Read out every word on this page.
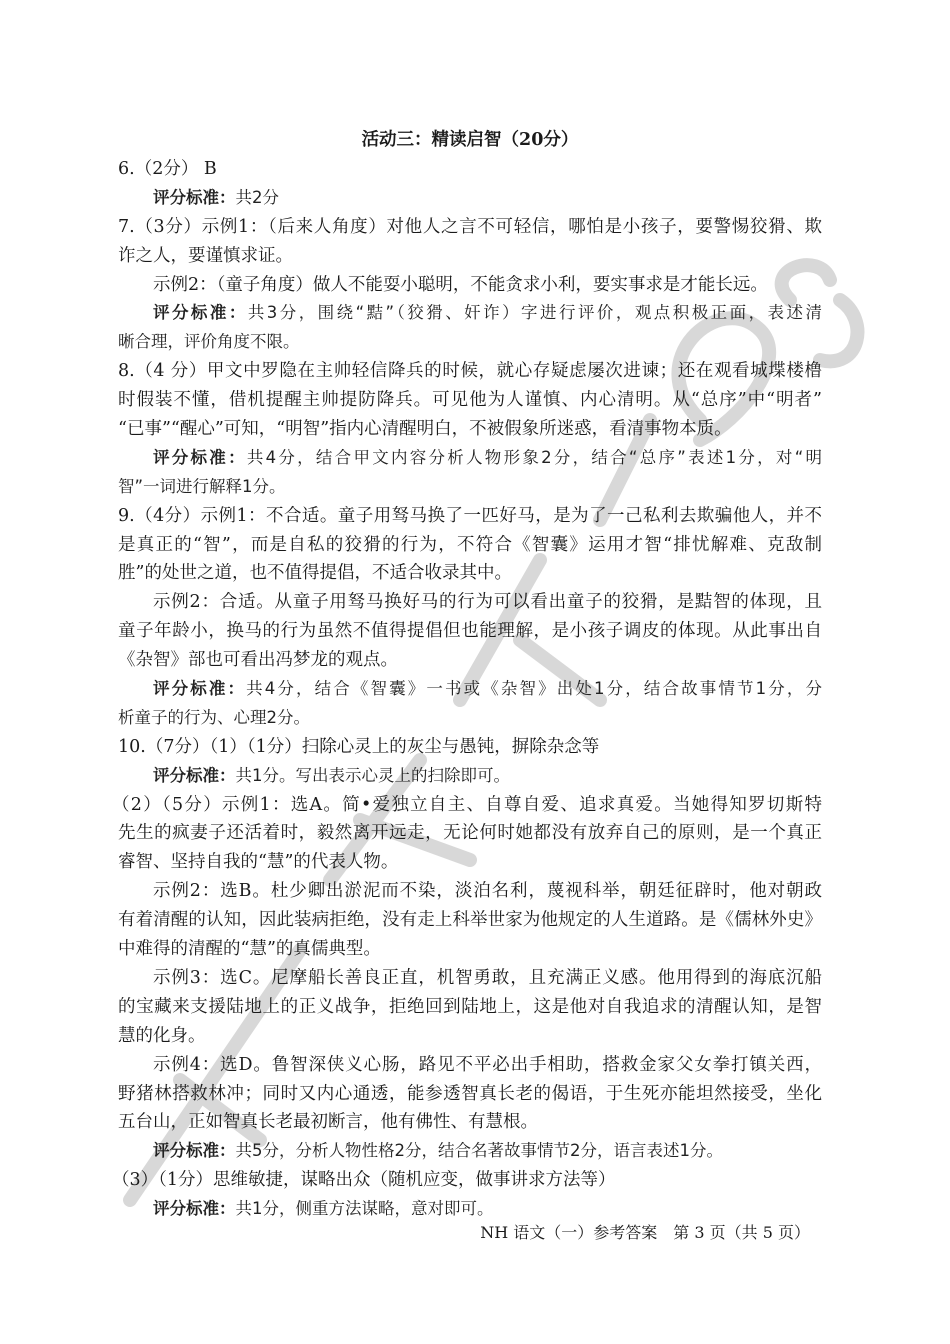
活动三：精读启智（20分）
6.（2分） B
评分标准：共2分
7.（3分）示例1：（后来人角度）对他人之言不可轻信，哪怕是小孩子，要警惕狡猾、欺
诈之人，要谨慎求证。
示例2：（童子角度）做人不能耍小聪明，不能贪求小利，要实事求是才能长远。
评分标准：共3分，围绕“黠”（狡猾、奸诈）字进行评价，观点积极正面，表述清
晰合理，评价角度不限。
8.（4 分）甲文中罗隐在主帅轻信降兵的时候，就心存疑虑屡次进谏；还在观看城堞楼橹
时假装不懂，借机提醒主帅提防降兵。可见他为人谨慎、内心清明。从“总序”中“明者”
“已事”“醒心”可知，“明智”指内心清醒明白，不被假象所迷惑，看清事物本质。
评分标准：共4分，结合甲文内容分析人物形象2分，结合“总序”表述1分，对“明
智”一词进行解释1分。
9.（4分）示例1：不合适。童子用驽马换了一匹好马，是为了一己私利去欺骗他人，并不
是真正的“智”，而是自私的狡猾的行为，不符合《智囊》运用才智“排忧解难、克敌制
胜”的处世之道，也不值得提倡，不适合收录其中。
示例2：合适。从童子用驽马换好马的行为可以看出童子的狡猾，是黠智的体现，且
童子年龄小，换马的行为虽然不值得提倡但也能理解，是小孩子调皮的体现。从此事出自
《杂智》部也可看出冯梦龙的观点。
评分标准：共4分，结合《智囊》一书或《杂智》出处1分，结合故事情节1分，分
析童子的行为、心理2分。
10.（7分）（1）（1分）扫除心灵上的灰尘与愚钝，摒除杂念等
评分标准：共1分。写出表示心灵上的扫除即可。
（2）（5分）示例1：选A。简•爱独立自主、自尊自爱、追求真爱。当她得知罗切斯特
先生的疯妻子还活着时，毅然离开远走，无论何时她都没有放弃自己的原则，是一个真正
睿智、坚持自我的“慧”的代表人物。
示例2：选B。杜少卿出淤泥而不染，淡泊名利，蔑视科举，朝廷征辟时，他对朝政
有着清醒的认知，因此装病拒绝，没有走上科举世家为他规定的人生道路。是《儒林外史》
中难得的清醒的“慧”的真儒典型。
示例3：选C。尼摩船长善良正直，机智勇敢，且充满正义感。他用得到的海底沉船
的宝藏来支援陆地上的正义战争，拒绝回到陆地上，这是他对自我追求的清醒认知，是智
慧的化身。
示例4：选D。鲁智深侠义心肠，路见不平必出手相助，搭救金家父女拳打镇关西，
野猪林搭救林冲；同时又内心通透，能参透智真长老的偈语，于生死亦能坦然接受，坐化
五台山，正如智真长老最初断言，他有佛性、有慧根。
评分标准：共5分，分析人物性格2分，结合名著故事情节2分，语言表述1分。
（3）（1分）思维敏捷，谋略出众（随机应变，做事讲求方法等）
评分标准：共1分，侧重方法谋略，意对即可。
NH 语文（一）参考答案　第 3 页（共 5 页）
